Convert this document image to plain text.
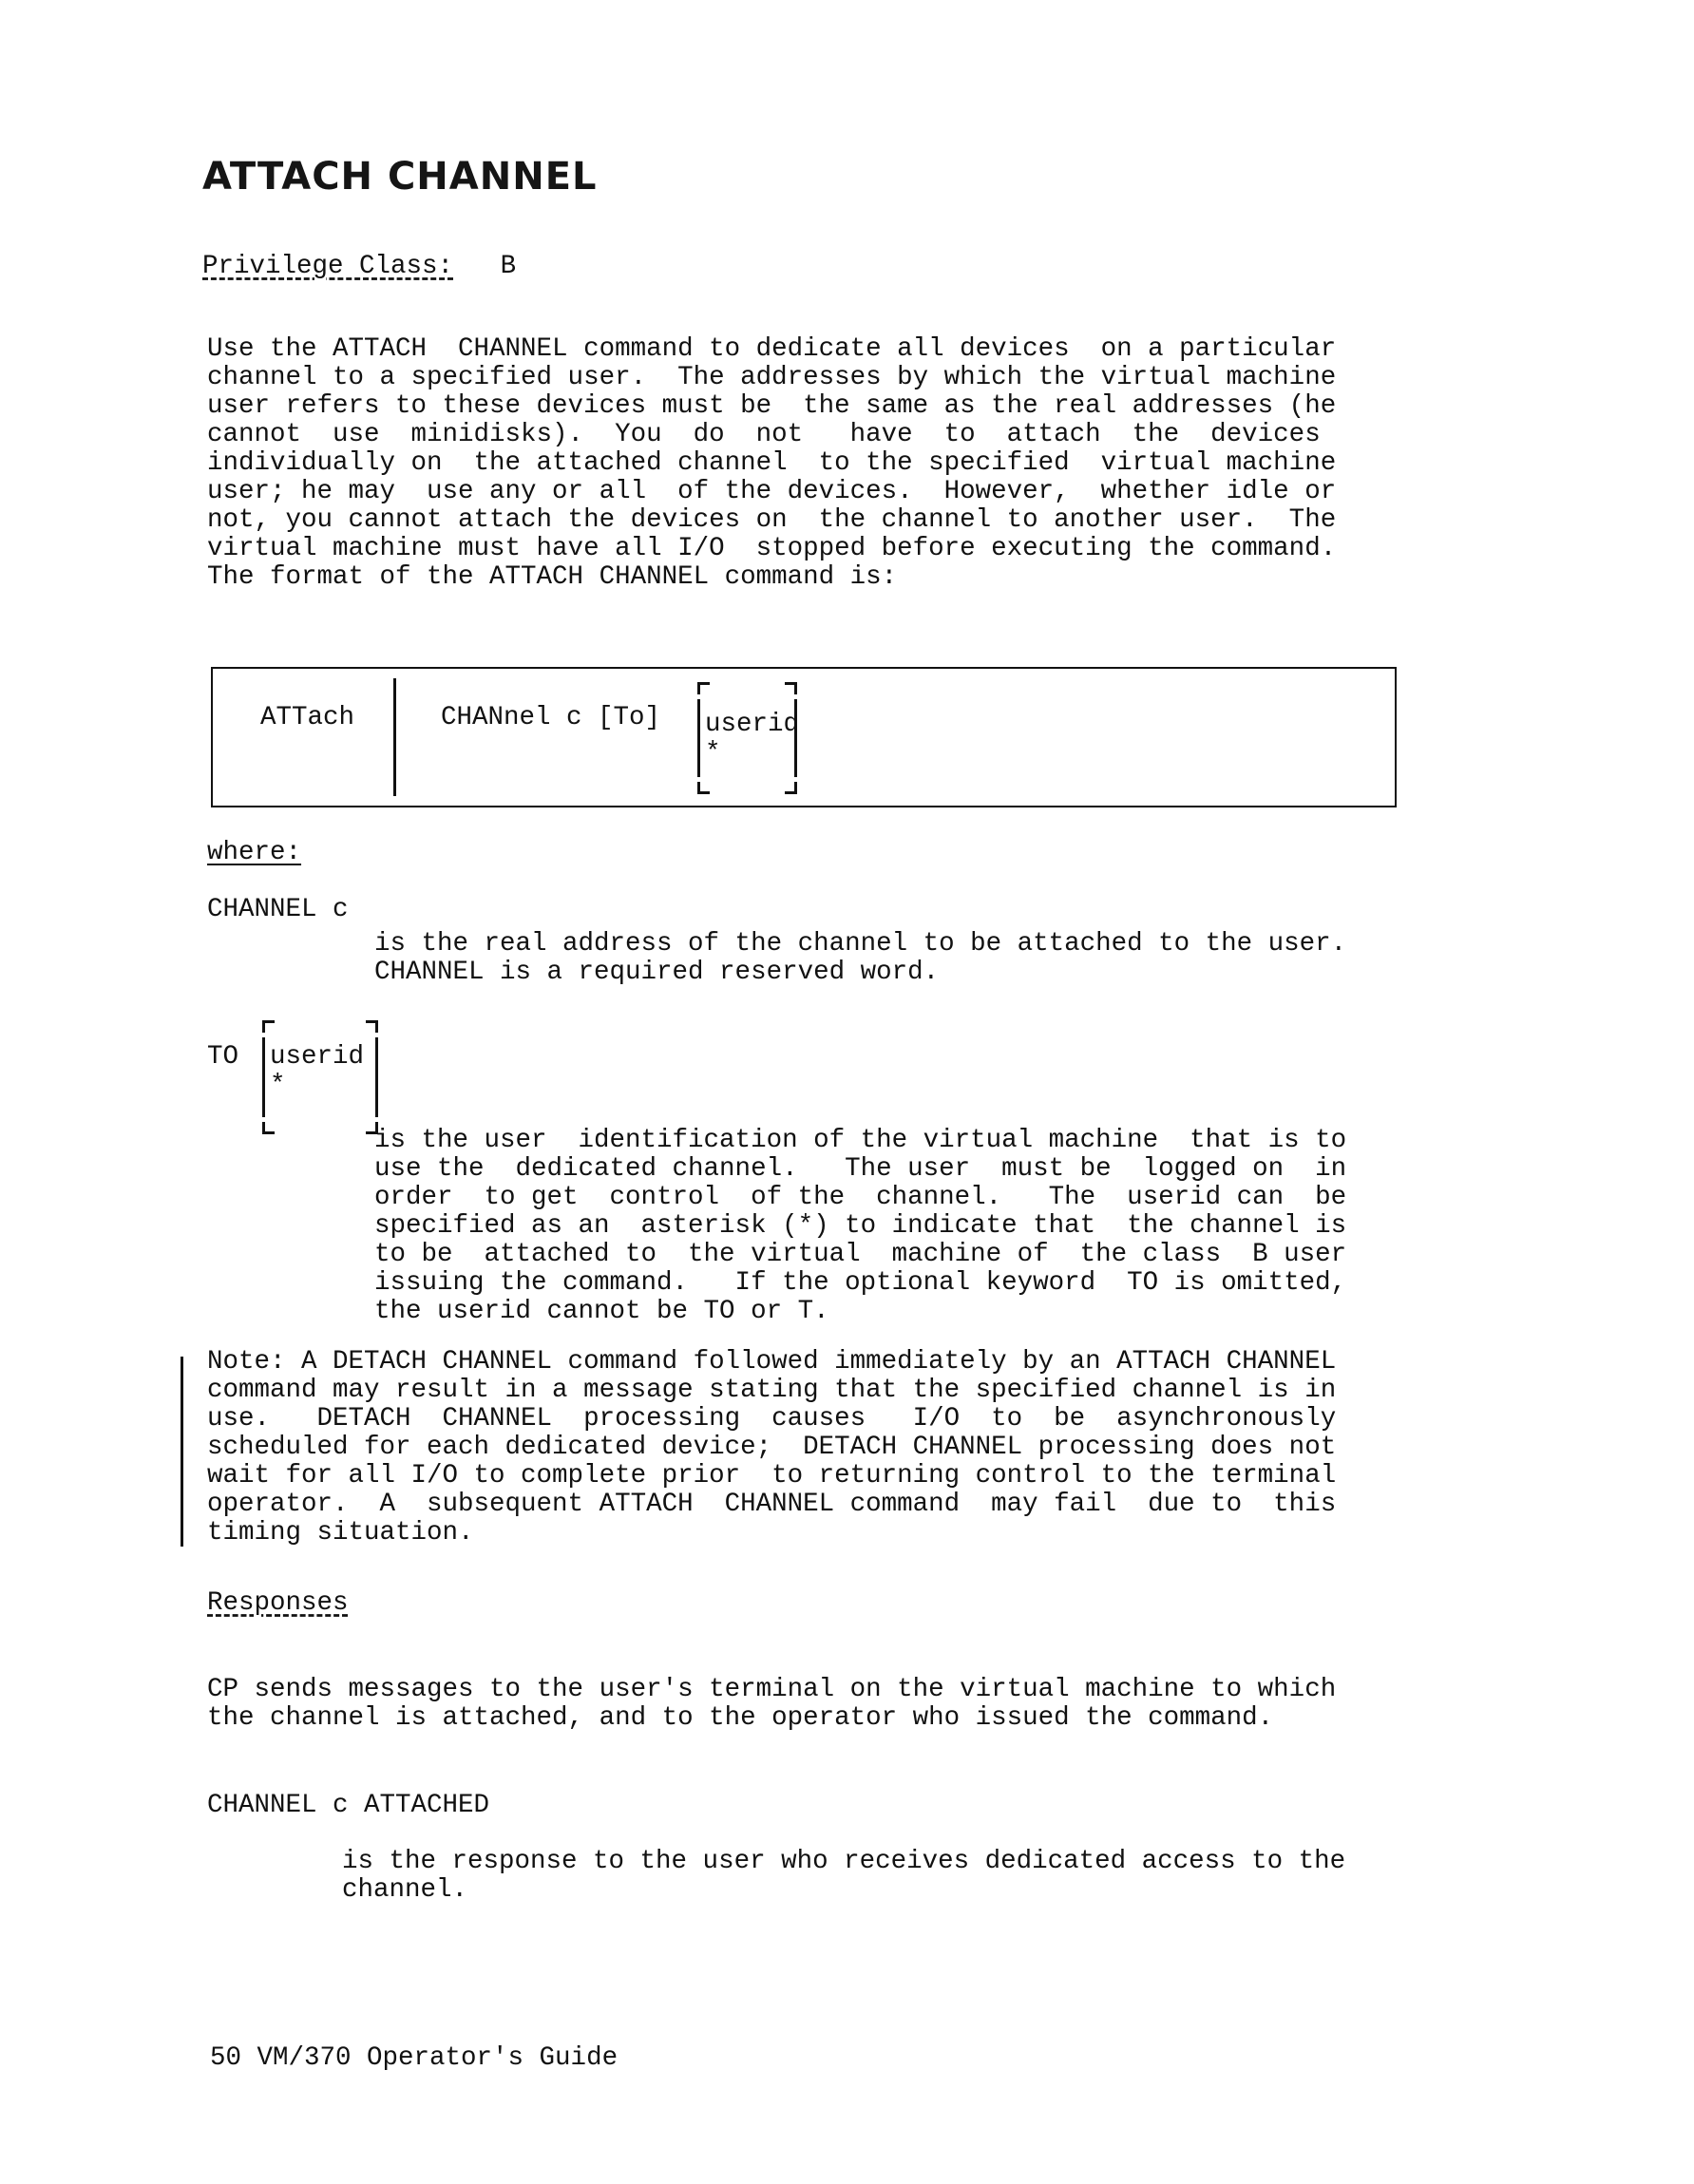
ATTACH CHANNEL
Privilege Class: B
Use the ATTACH  CHANNEL command to dedicate all devices  on a particular
channel to a specified user.  The addresses by which the virtual machine
user refers to these devices must be  the same as the real addresses (he
cannot  use  minidisks).  You  do  not   have  to  attach  the  devices
individually on  the attached channel  to the specified  virtual machine
user; he may  use any or all  of the devices.  However,  whether idle or
not, you cannot attach the devices on  the channel to another user.  The
virtual machine must have all I/O  stopped before executing the command.
The format of the ATTACH CHANNEL command is:
ATTach	CHANnel c [To] userid
*
where:
CHANNEL c
is the real address of the channel to be attached to the user.
CHANNEL is a required reserved word.
TO userid
*
is the user  identification of the virtual machine  that is to
use the  dedicated channel.   The user  must be  logged on  in
order  to get  control  of the  channel.   The  userid can  be
specified as an  asterisk (*) to indicate that  the channel is
to be  attached to  the virtual  machine of  the class  B user
issuing the command.   If the optional keyword  TO is omitted,
the userid cannot be TO or T.
Note: A DETACH CHANNEL command followed immediately by an ATTACH CHANNEL
command may result in a message stating that the specified channel is in
use.   DETACH  CHANNEL  processing  causes   I/O  to  be  asynchronously
scheduled for each dedicated device;  DETACH CHANNEL processing does not
wait for all I/O to complete prior  to returning control to the terminal
operator.  A  subsequent ATTACH  CHANNEL command  may fail  due to  this
timing situation.
Responses
CP sends messages to the user's terminal on the virtual machine to which
the channel is attached, and to the operator who issued the command.
CHANNEL c ATTACHED
is the response to the user who receives dedicated access to the
channel.
50 VM/370 Operator's Guide
